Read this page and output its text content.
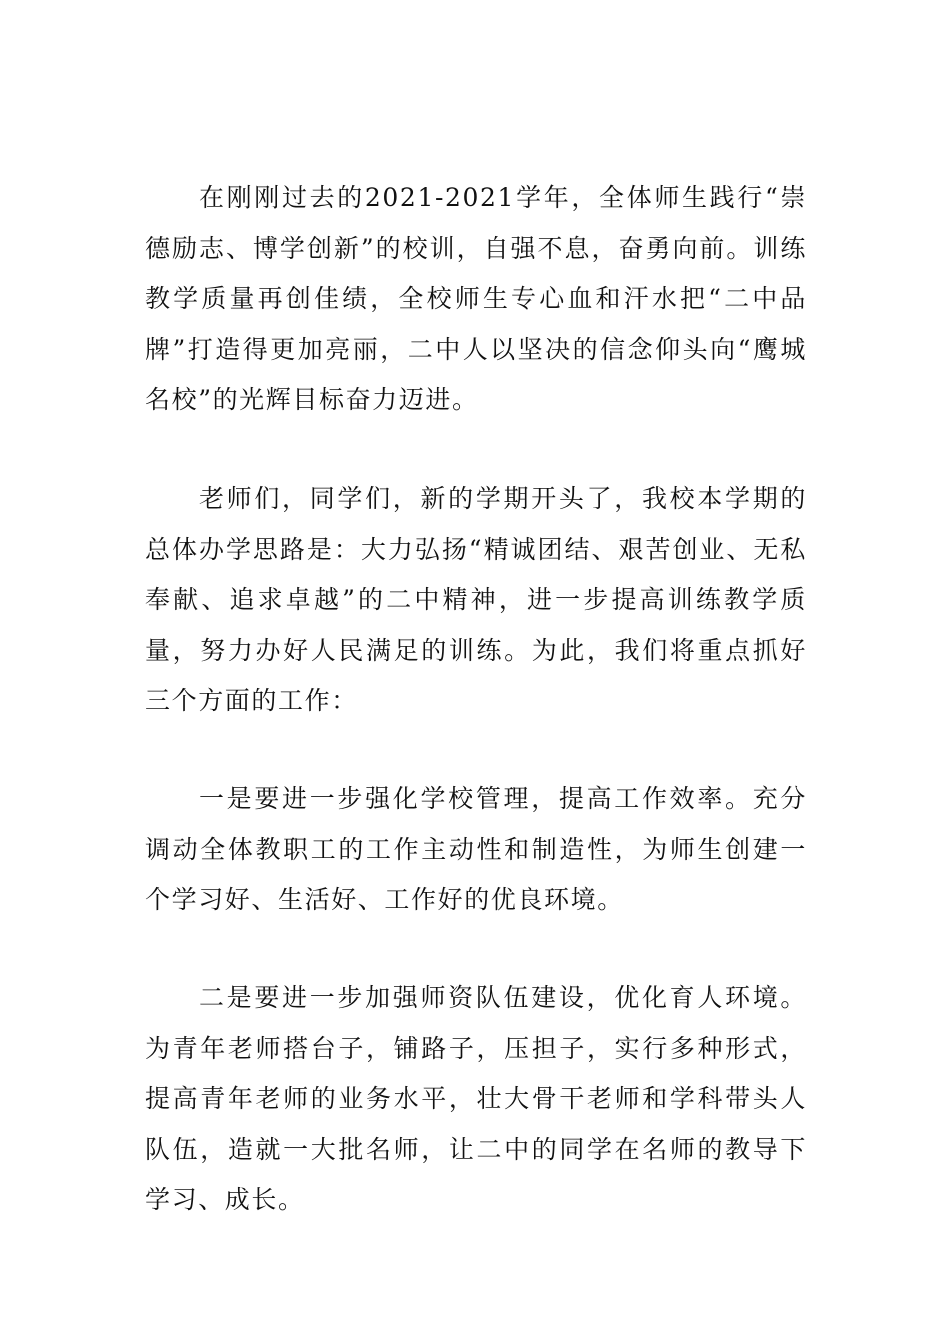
在刚刚过去的2021-2021学年，全体师生践行“崇德励志、博学创新”的校训，自强不息，奋勇向前。训练教学质量再创佳绩，全校师生专心血和汗水把“二中品牌”打造得更加亮丽，二中人以坚决的信念仰头向“鹰城名校”的光辉目标奋力迈进。

老师们，同学们，新的学期开头了，我校本学期的总体办学思路是：大力弘扬“精诚团结、艰苦创业、无私奉献、追求卓越”的二中精神，进一步提高训练教学质量，努力办好人民满足的训练。为此，我们将重点抓好三个方面的工作：

一是要进一步强化学校管理，提高工作效率。充分调动全体教职工的工作主动性和制造性，为师生创建一个学习好、生活好、工作好的优良环境。

二是要进一步加强师资队伍建设，优化育人环境。为青年老师搭台子，铺路子，压担子，实行多种形式，提高青年老师的业务水平，壮大骨干老师和学科带头人队伍，造就一大批名师，让二中的同学在名师的教导下学习、成长。
